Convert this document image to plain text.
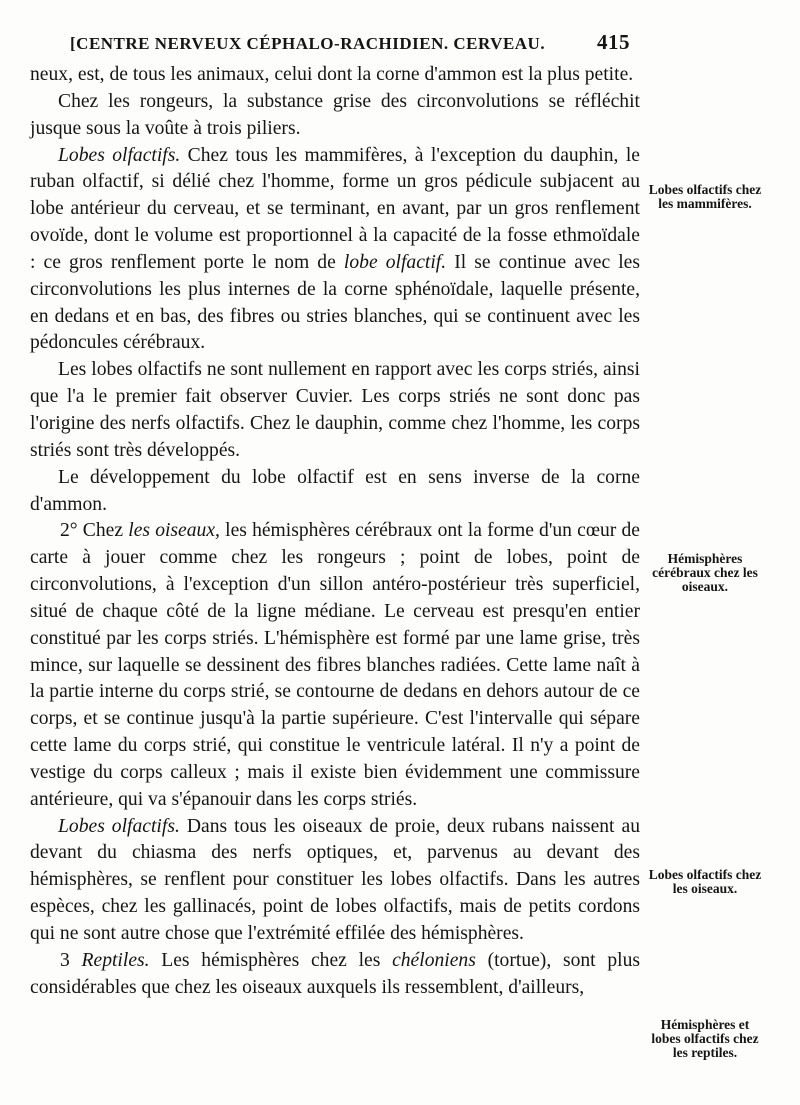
[CENTRE NERVEUX CÉPHALO-RACHIDIEN. CERVEAU. 415

neux, est, de tous les animaux, celui dont la corne d'ammon est la plus petite.

Chez les rongeurs, la substance grise des circonvolutions se réfléchit jusque sous la voûte à trois piliers.

Lobes olfactifs. Chez tous les mammifères, à l'exception du dauphin, le ruban olfactif, si délié chez l'homme, forme un gros pédicule subjacent au lobe antérieur du cerveau, et se terminant, en avant, par un gros renflement ovoïde, dont le volume est proportionnel à la capacité de la fosse ethmoïdale : ce gros renflement porte le nom de lobe olfactif. Il se continue avec les circonvolutions les plus internes de la corne sphénoïdale, laquelle présente, en dedans et en bas, des fibres ou stries blanches, qui se continuent avec les pédoncules cérébraux.

Les lobes olfactifs ne sont nullement en rapport avec les corps striés, ainsi que l'a le premier fait observer Cuvier. Les corps striés ne sont donc pas l'origine des nerfs olfactifs. Chez le dauphin, comme chez l'homme, les corps striés sont très développés.

Le développement du lobe olfactif est en sens inverse de la corne d'ammon.

2° Chez les oiseaux, les hémisphères cérébraux ont la forme d'un cœur de carte à jouer comme chez les rongeurs ; point de lobes, point de circonvolutions, à l'exception d'un sillon antéro-postérieur très superficiel, situé de chaque côté de la ligne médiane. Le cerveau est presqu'en entier constitué par les corps striés. L'hémisphère est formé par une lame grise, très mince, sur laquelle se dessinent des fibres blanches radiées. Cette lame naît à la partie interne du corps strié, se contourne de dedans en dehors autour de ce corps, et se continue jusqu'à la partie supérieure. C'est l'intervalle qui sépare cette lame du corps strié, qui constitue le ventricule latéral. Il n'y a point de vestige du corps calleux ; mais il existe bien évidemment une commissure antérieure, qui va s'épanouir dans les corps striés.

Lobes olfactifs. Dans tous les oiseaux de proie, deux rubans naissent au devant du chiasma des nerfs optiques, et, parvenus au devant des hémisphères, se renflent pour constituer les lobes olfactifs. Dans les autres espèces, chez les gallinacés, point de lobes olfactifs, mais de petits cordons qui ne sont autre chose que l'extrémité effilée des hémisphères.

3 Reptiles. Les hémisphères chez les chéloniens (tortue), sont plus considérables que chez les oiseaux auxquels ils ressemblent, d'ailleurs,

Lobes olfactifs chez les mammifères.
Hémisphères cérébraux chez les oiseaux.
Lobes olfactifs chez les oiseaux.
Hémisphères et lobes olfactifs chez les reptiles.
